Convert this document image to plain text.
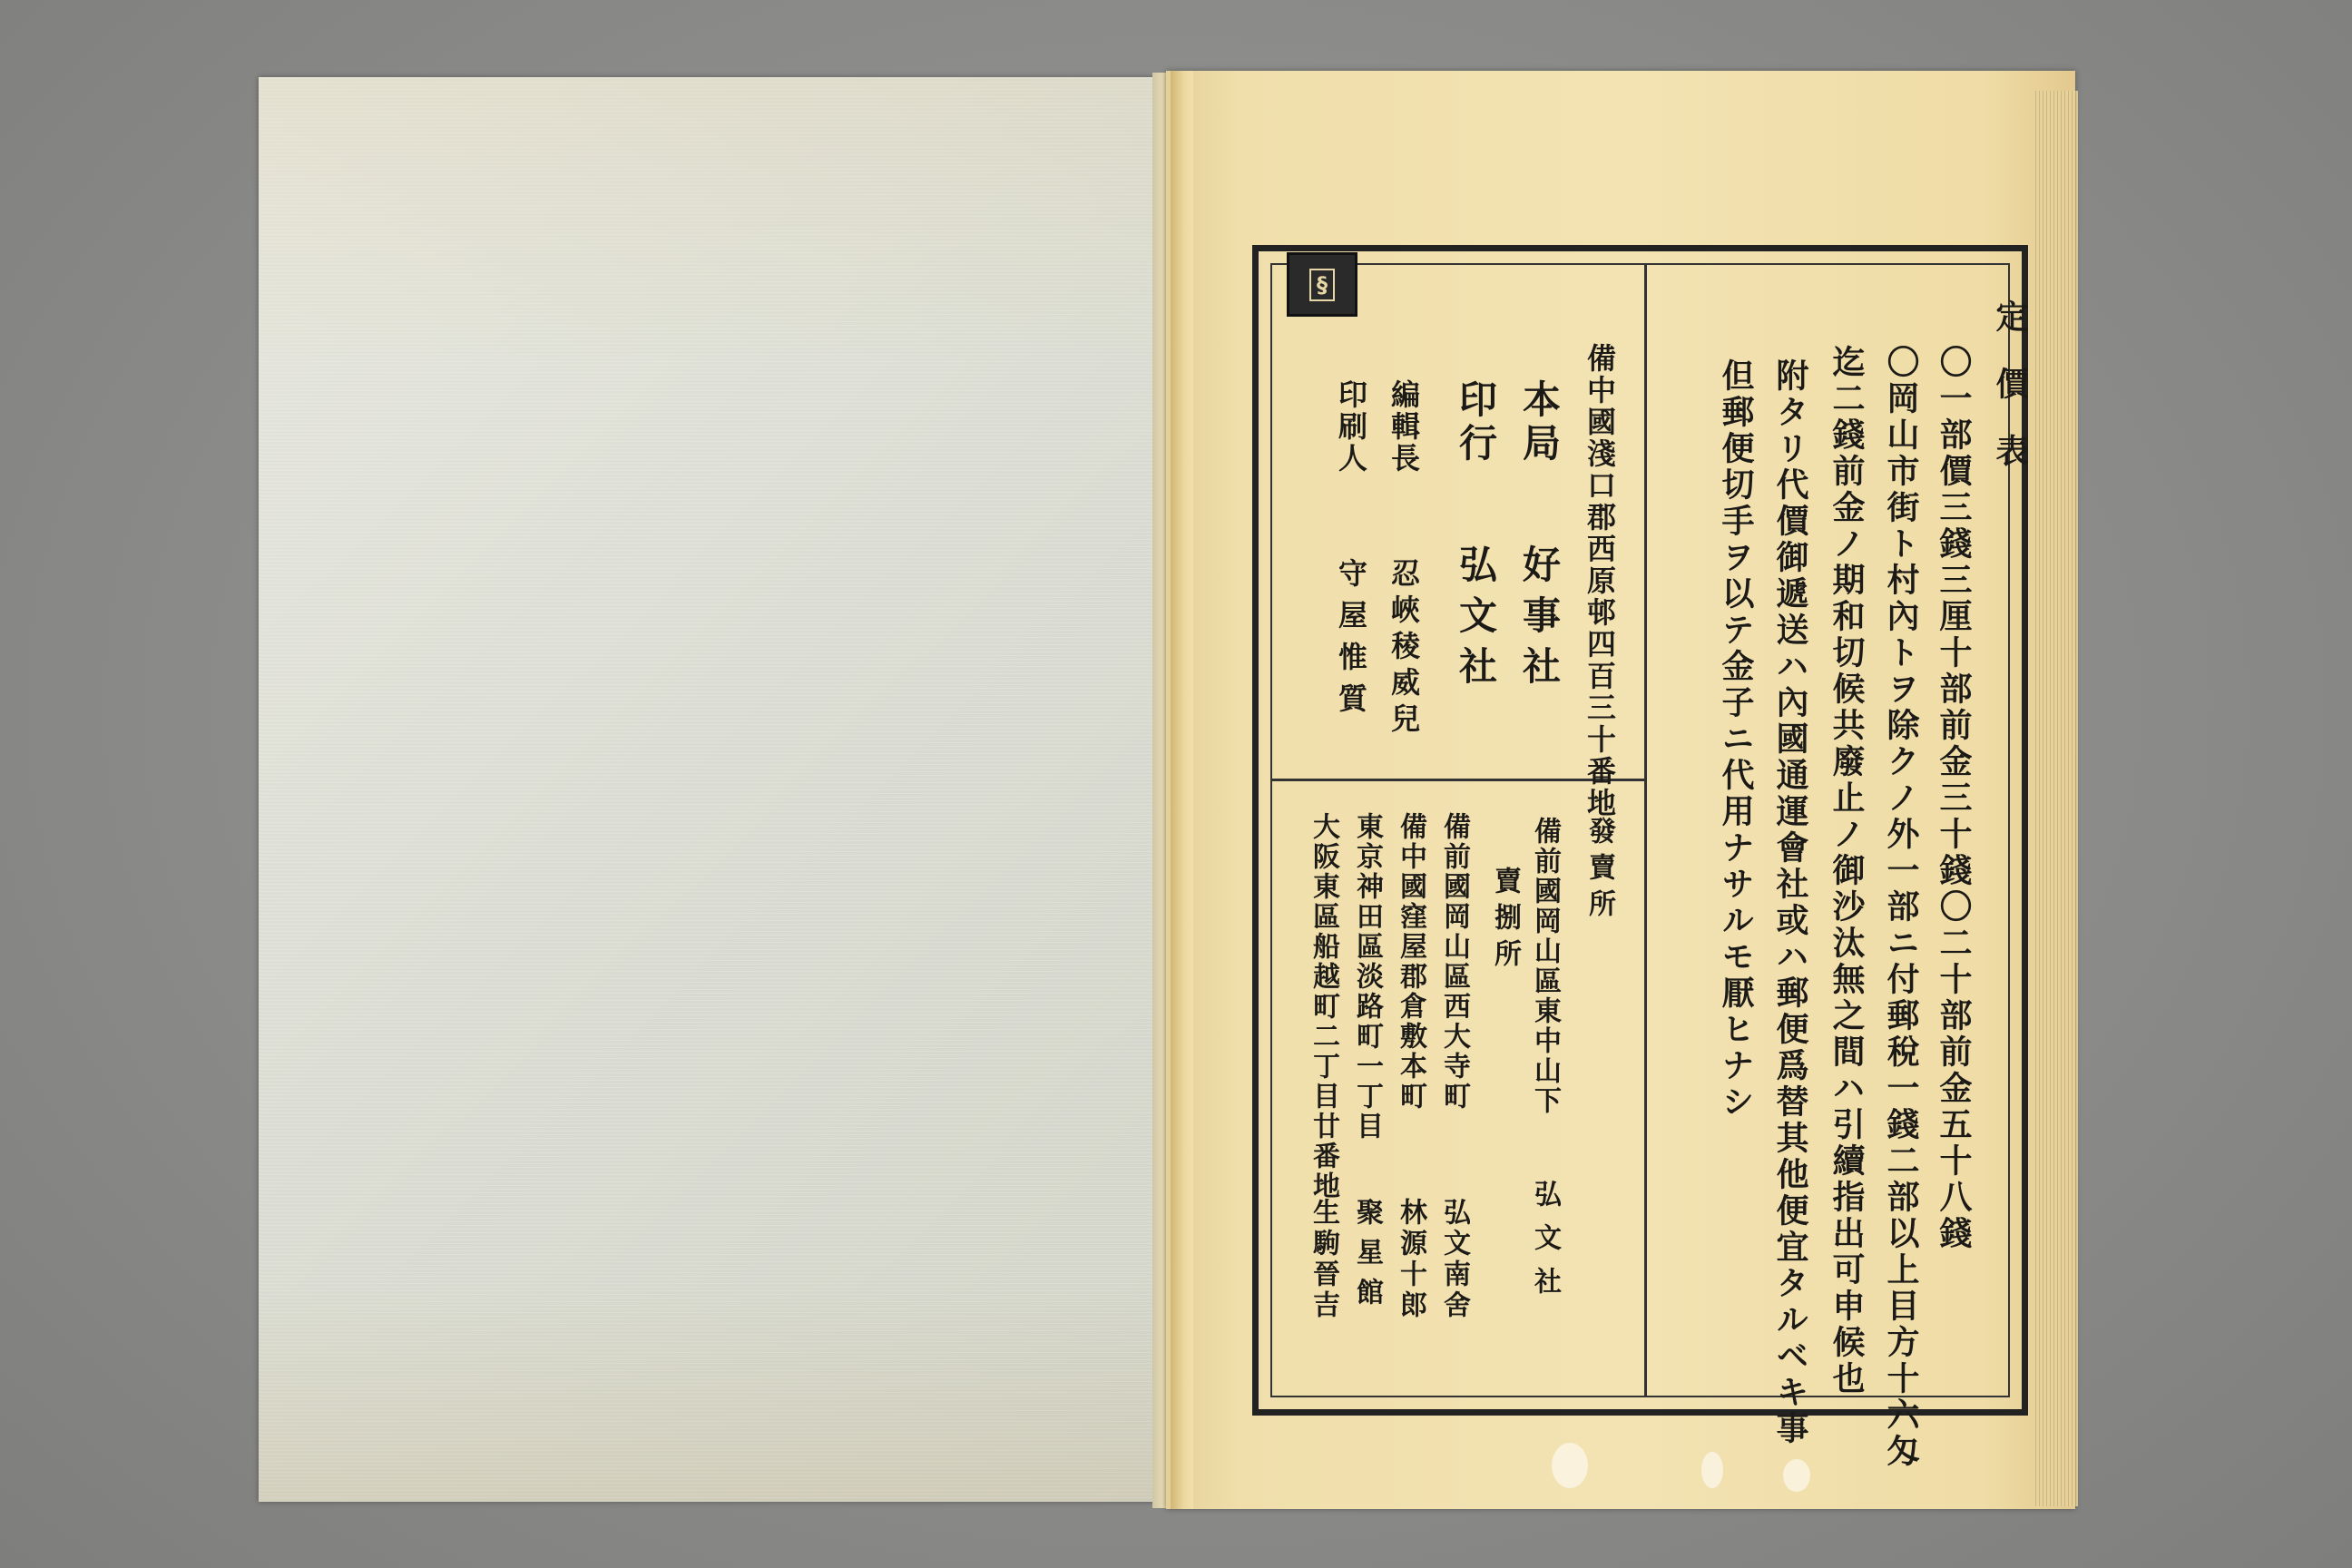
§
定價表
〇一部價三錢三厘十部前金三十錢〇二十部前金五十八錢
〇岡山市街ト村內トヲ除クノ外一部ニ付郵稅一錢二部以上目方十六匁
迄二錢前金ノ期和切候共廢止ノ御沙汰無之間ハ引續指出可申候也
附タリ代價御遞送ハ內國通運會社或ハ郵便爲替其他便宜タルベキ事
但郵便切手ヲ以テ金子ニ代用ナサルモ厭ヒナシ
備中國淺口郡西原邨四百三十番地
本局
好事社
印行
弘文社
編輯長
忍峽稜威兒
印刷人
守屋惟質
發賣所
備前國岡山區東中山下
弘文社
賣捌所
備前國岡山區西大寺町
弘文南舍
備中國窪屋郡倉敷本町
林源十郎
東京神田區淡路町一丁目
聚星館
大阪東區船越町二丁目廿番地
生駒晉吉
